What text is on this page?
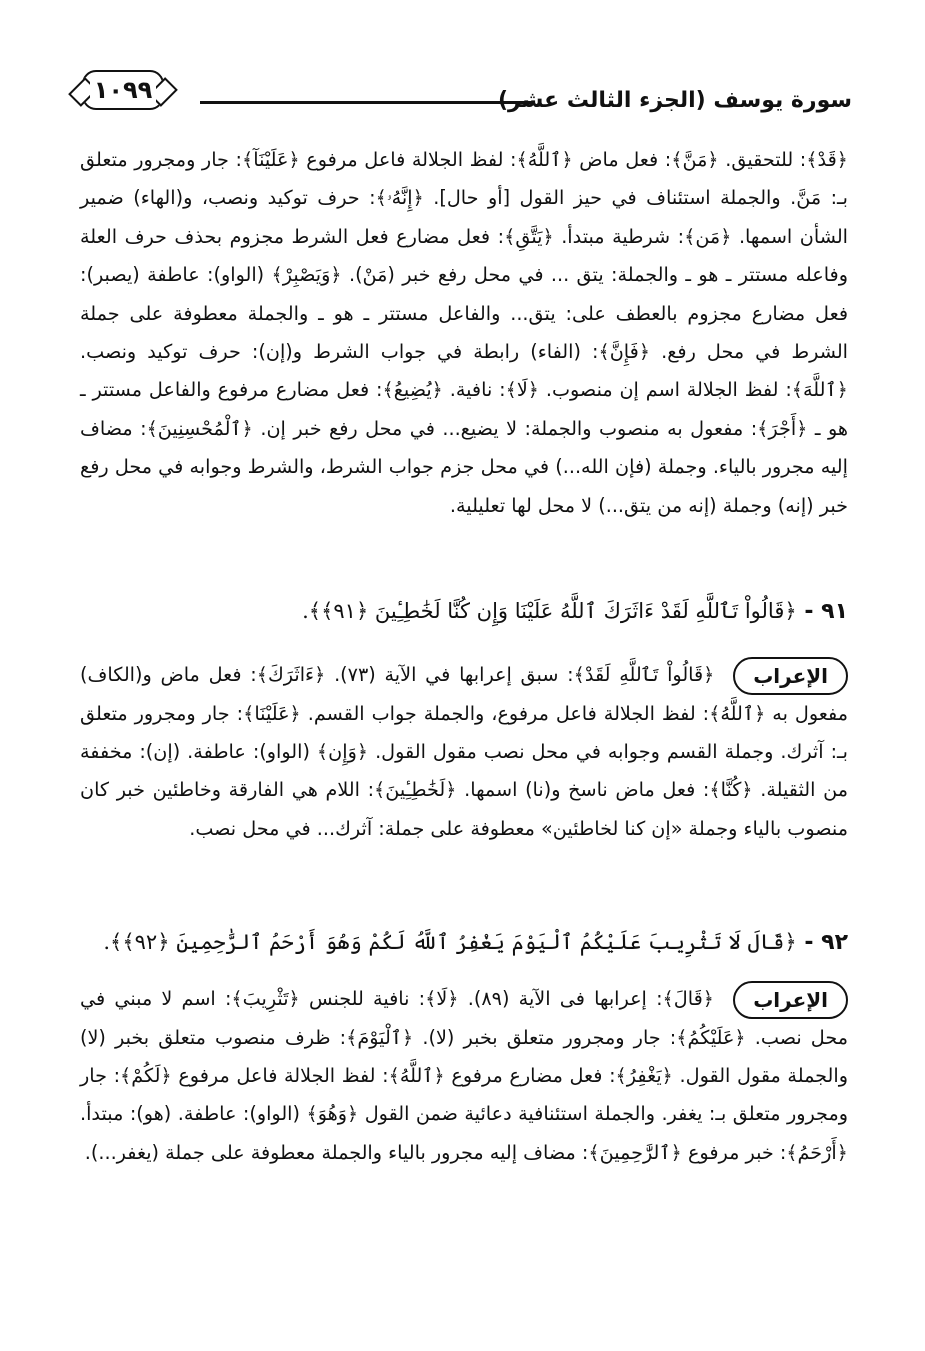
سورة يوسف (الجزء الثالث عشر)
١٠٩٩
﴿قَدْ﴾: للتحقيق. ﴿مَنَّ﴾: فعل ماض ﴿ٱللَّهُ﴾: لفظ الجلالة فاعل مرفوع ﴿عَلَيْنَآ﴾: جار ومجرور متعلق بـ: مَنَّ. والجملة استئناف في حيز القول [أو حال]. ﴿إِنَّهُۥ﴾: حرف توكيد ونصب، و(الهاء) ضمير الشأن اسمها. ﴿مَن﴾: شرطية مبتدأ. ﴿يَتَّقِ﴾: فعل مضارع فعل الشرط مجزوم بحذف حرف العلة وفاعله مستتر ـ هو ـ والجملة: يتق ... في محل رفع خبر (مَنْ). ﴿وَيَصْبِرْ﴾ (الواو): عاطفة (يصبر): فعل مضارع مجزوم بالعطف على: يتق... والفاعل مستتر ـ هو ـ والجملة معطوفة على جملة الشرط في محل رفع. ﴿فَإِنَّ﴾: (الفاء) رابطة في جواب الشرط و(إن): حرف توكيد ونصب. ﴿ٱللَّهَ﴾: لفظ الجلالة اسم إن منصوب. ﴿لَا﴾: نافية. ﴿يُضِيعُ﴾: فعل مضارع مرفوع والفاعل مستتر ـ هو ـ ﴿أَجْرَ﴾: مفعول به منصوب والجملة: لا يضيع... في محل رفع خبر إن. ﴿ٱلْمُحْسِنِينَ﴾: مضاف إليه مجرور بالياء. وجملة (فإن الله...) في محل جزم جواب الشرط، والشرط وجوابه في محل رفع خبر (إنه) وجملة (إنه من يتق...) لا محل لها تعليلية.
٩١ - ﴿قَالُواْ تَٱللَّهِ لَقَدْ ءَاثَرَكَ ٱللَّهُ عَلَيْنَا وَإِن كُنَّا لَخَٰطِـِٔينَ ﴿٩١﴾﴾.
الإعراب ﴿قَالُواْ تَٱللَّهِ لَقَدْ﴾: سبق إعرابها في الآية (٧٣). ﴿ءَاثَرَكَ﴾: فعل ماض و(الكاف) مفعول به ﴿ٱللَّهُ﴾: لفظ الجلالة فاعل مرفوع، والجملة جواب القسم. ﴿عَلَيْنَا﴾: جار ومجرور متعلق بـ: آثرك. وجملة القسم وجوابه في محل نصب مقول القول. ﴿وَإِن﴾ (الواو): عاطفة. (إن): مخففة من الثقيلة. ﴿كُنَّا﴾: فعل ماض ناسخ و(نا) اسمها. ﴿لَخَٰطِـِٔينَ﴾: اللام هي الفارقة وخاطئين خبر كان منصوب بالياء وجملة «إن كنا لخاطئين» معطوفة على جملة: آثرك... في محل نصب.
٩٢ - ﴿قَالَ لَا تَثْرِيبَ عَلَيْكُمُ ٱلْيَوْمَ يَغْفِرُ ٱللَّهُ لَكُمْ وَهُوَ أَرْحَمُ ٱلرَّٰحِمِينَ ﴿٩٢﴾﴾.
الإعراب ﴿قَالَ﴾: إعرابها فى الآية (٨٩). ﴿لَا﴾: نافية للجنس ﴿تَثْرِيبَ﴾: اسم لا مبني في محل نصب. ﴿عَلَيْكُمُ﴾: جار ومجرور متعلق بخبر (لا). ﴿ٱلْيَوْمَ﴾: ظرف منصوب متعلق بخبر (لا) والجملة مقول القول. ﴿يَغْفِرُ﴾: فعل مضارع مرفوع ﴿ٱللَّهُ﴾: لفظ الجلالة فاعل مرفوع ﴿لَكُمْ﴾: جار ومجرور متعلق بـ: يغفر. والجملة استئنافية دعائية ضمن القول ﴿وَهُوَ﴾ (الواو): عاطفة. (هو): مبتدأ. ﴿أَرْحَمُ﴾: خبر مرفوع ﴿ٱلرَّٰحِمِينَ﴾: مضاف إليه مجرور بالياء والجملة معطوفة على جملة (يغفر...).
